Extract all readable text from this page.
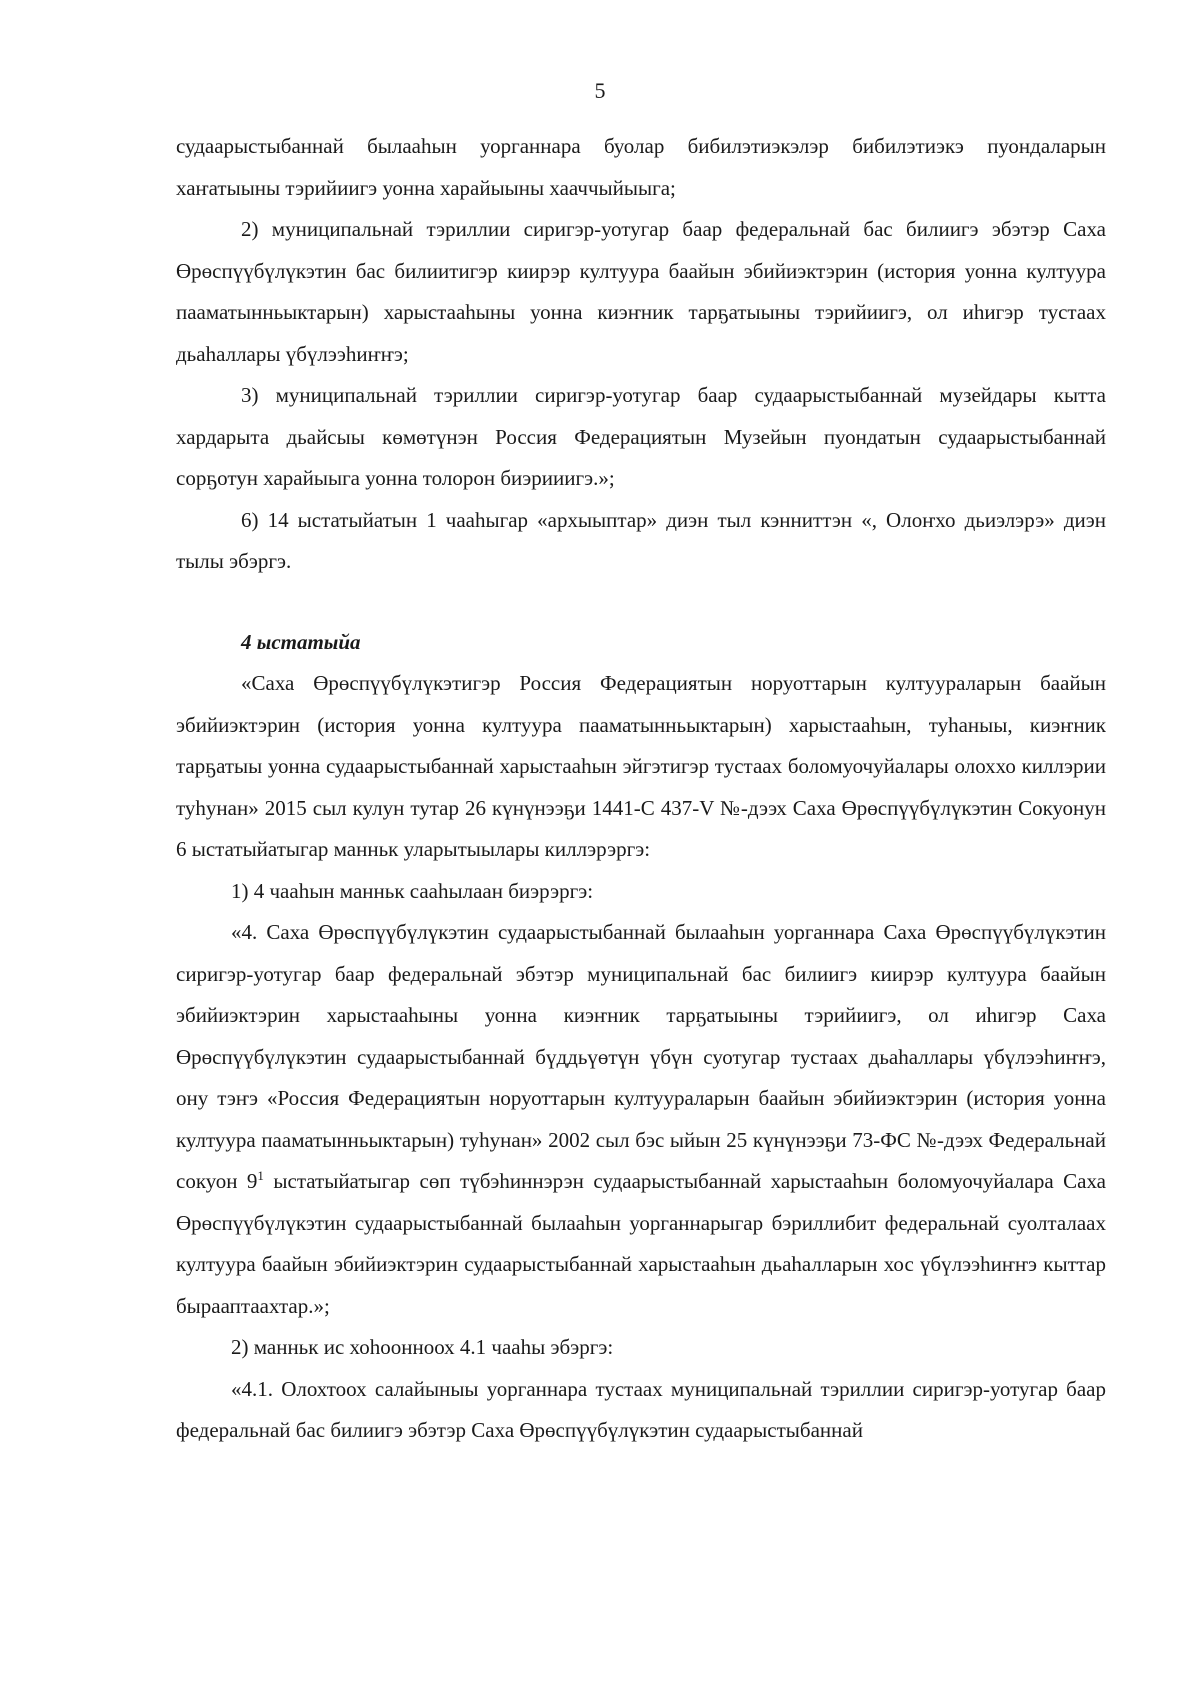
5

судаарыстыбаннай былааһын уорганнара буолар бибилэтиэкэлэр бибилэтиэкэ пуондаларын хаҥатыыны тэрийиигэ уонна харайыыны хааччыйыыга;

2) муниципальнай тэриллии сиригэр-уотугар баар федеральнай бас билиигэ эбэтэр Саха Өрөспүүбүлүкэтин бас билиитигэр киирэр култуура баайын эбийиэктэрин (история уонна култуура пааматынньыктарын) харыстааһыны уонна киэҥник тарҕатыыны тэрийиигэ, ол иһигэр тустаах дьаһаллары үбүлээһиҥҥэ;

3) муниципальнай тэриллии сиригэр-уотугар баар судаарыстыбаннай музейдары кытта хардарыта дьайсыы көмөтүнэн Россия Федерациятын Музейын пуондатын судаарыстыбаннай сорҕотун харайыыга уонна толорон биэрииигэ.»;

6) 14 ыстатыйатын 1 чааһыгар «архыыптар» диэн тыл кэнниттэн «, Олоҥхо дьиэлэрэ» диэн тылы эбэргэ.

4 ыстатыйа

«Саха Өрөспүүбүлүкэтигэр Россия Федерациятын норуоттарын култуураларын баайын эбийиэктэрин (история уонна култуура пааматынньыктарын) харыстааһын, туһаныы, киэҥник тарҕатыы уонна судаарыстыбаннай харыстааһын эйгэтигэр тустаах боломуочуйалары олоххо киллэрии туһунан» 2015 сыл кулун тутар 26 күнүнээҕи 1441-С 437-V №-дээх Саха Өрөспүүбүлүкэтин Сокуонун 6 ыстатыйатыгар манньк уларытыылары киллэрэргэ:

1) 4 чааһын манньк сааһылаан биэрэргэ:

«4. Саха Өрөспүүбүлүкэтин судаарыстыбаннай былааһын уорганнара Саха Өрөспүүбүлүкэтин сиригэр-уотугар баар федеральнай эбэтэр муниципальнай бас билиигэ киирэр култуура баайын эбийиэктэрин харыстааһыны уонна киэҥник тарҕатыыны тэрийиигэ, ол иһигэр Саха Өрөспүүбүлүкэтин судаарыстыбаннай бүддьүөтүн үбүн суотугар тустаах дьаһаллары үбүлээһиҥҥэ, ону тэҥэ «Россия Федерациятын норуоттарын култуураларын баайын эбийиэктэрин (история уонна култуура пааматынньыктарын) туһунан» 2002 сыл бэс ыйын 25 күнүнээҕи 73-ФС №-дээх Федеральнай сокуон $9^1$ ыстатыйатыгар сөп түбэһиннэрэн судаарыстыбаннай харыстааһын боломуочуйалара Саха Өрөспүүбүлүкэтин судаарыстыбаннай былааһын уорганнарыгар бэриллибит федеральнай суолталаах култуура баайын эбийиэктэрин судаарыстыбаннай харыстааһын дьаһалларын хос үбүлээһиҥҥэ кыттар бырааптаахтар.»;

2) манньк ис хоһоонноох 4.1 чааһы эбэргэ:

«4.1. Олохтоох салайыныы уорганнара тустаах муниципальнай тэриллии сиригэр-уотугар баар федеральнай бас билиигэ эбэтэр Саха Өрөспүүбүлүкэтин судаарыстыбаннай
